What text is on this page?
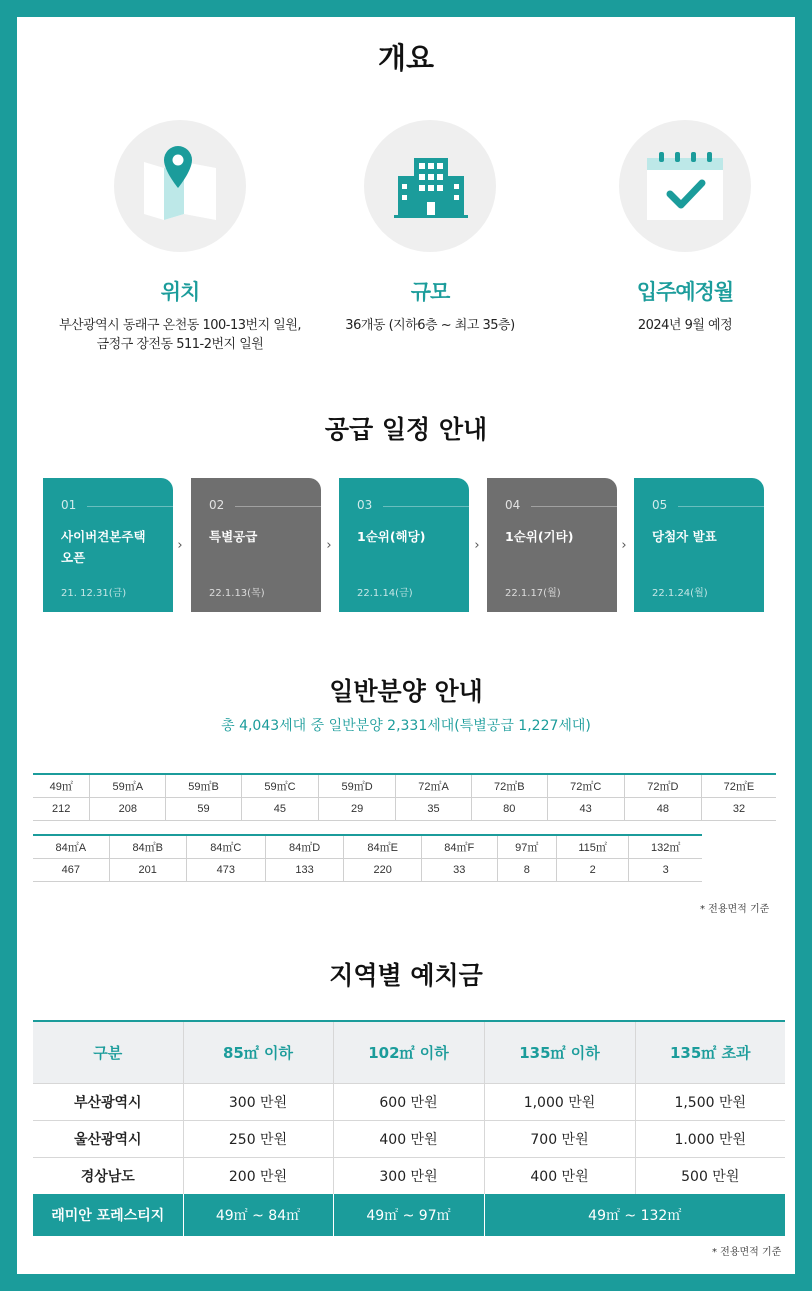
개요
위치
부산광역시 동래구 온천동 100-13번지 일원,
금정구 장전동 511-2번지 일원
규모
36개동 (지하6층 ~ 최고 35층)
입주예정월
2024년 9월 예정
공급 일정 안내
01
사이버견본주택
오픈
21. 12.31(금)
›
02
특별공급
22.1.13(목)
›
03
1순위(해당)
22.1.14(금)
›
04
1순위(기타)
22.1.17(월)
›
05
당첨자 발표
22.1.24(월)
일반분양 안내
총 4,043세대 중 일반분양 2,331세대(특별공급 1,227세대)
49㎡	59㎡A	59㎡B	59㎡C	59㎡D	72㎡A	72㎡B	72㎡C	72㎡D	72㎡E
212	208	59	45	29	35	80	43	48	32
84㎡A	84㎡B	84㎡C	84㎡D	84㎡E	84㎡F	97㎡	115㎡	132㎡
467	201	473	133	220	33	8	2	3
* 전용면적 기준
지역별 예치금
구분	85㎡ 이하	102㎡ 이하	135㎡ 이하	135㎡ 초과
부산광역시	300 만원	600 만원	1,000 만원	1,500 만원
울산광역시	250 만원	400 만원	700 만원	1.000 만원
경상남도	200 만원	300 만원	400 만원	500 만원
래미안 포레스티지	49㎡ ~ 84㎡	49㎡ ~ 97㎡	49㎡ ~ 132㎡	
* 전용면적 기준
